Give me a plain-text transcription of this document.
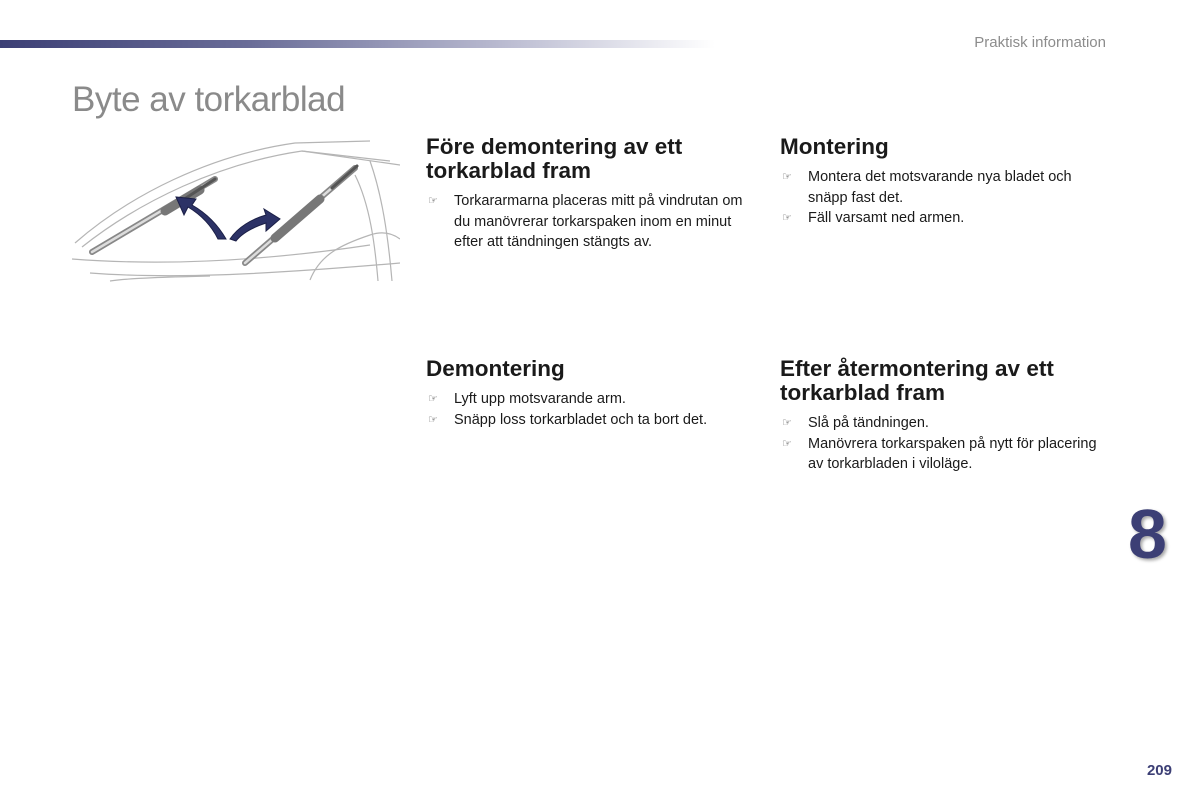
Praktisk information
Byte av torkarblad
Före demontering av ett torkarblad fram
☞ Torkararmarna placeras mitt på vindrutan om du manövrerar torkarspaken inom en minut efter att tändningen stängts av.
Montering
☞ Montera det motsvarande nya bladet och snäpp fast det.
☞ Fäll varsamt ned armen.
Demontering
☞ Lyft upp motsvarande arm.
☞ Snäpp loss torkarbladet och ta bort det.
Efter återmontering av ett torkarblad fram
☞ Slå på tändningen.
☞ Manövrera torkarspaken på nytt för placering av torkarbladen i viloläge.
8
209
